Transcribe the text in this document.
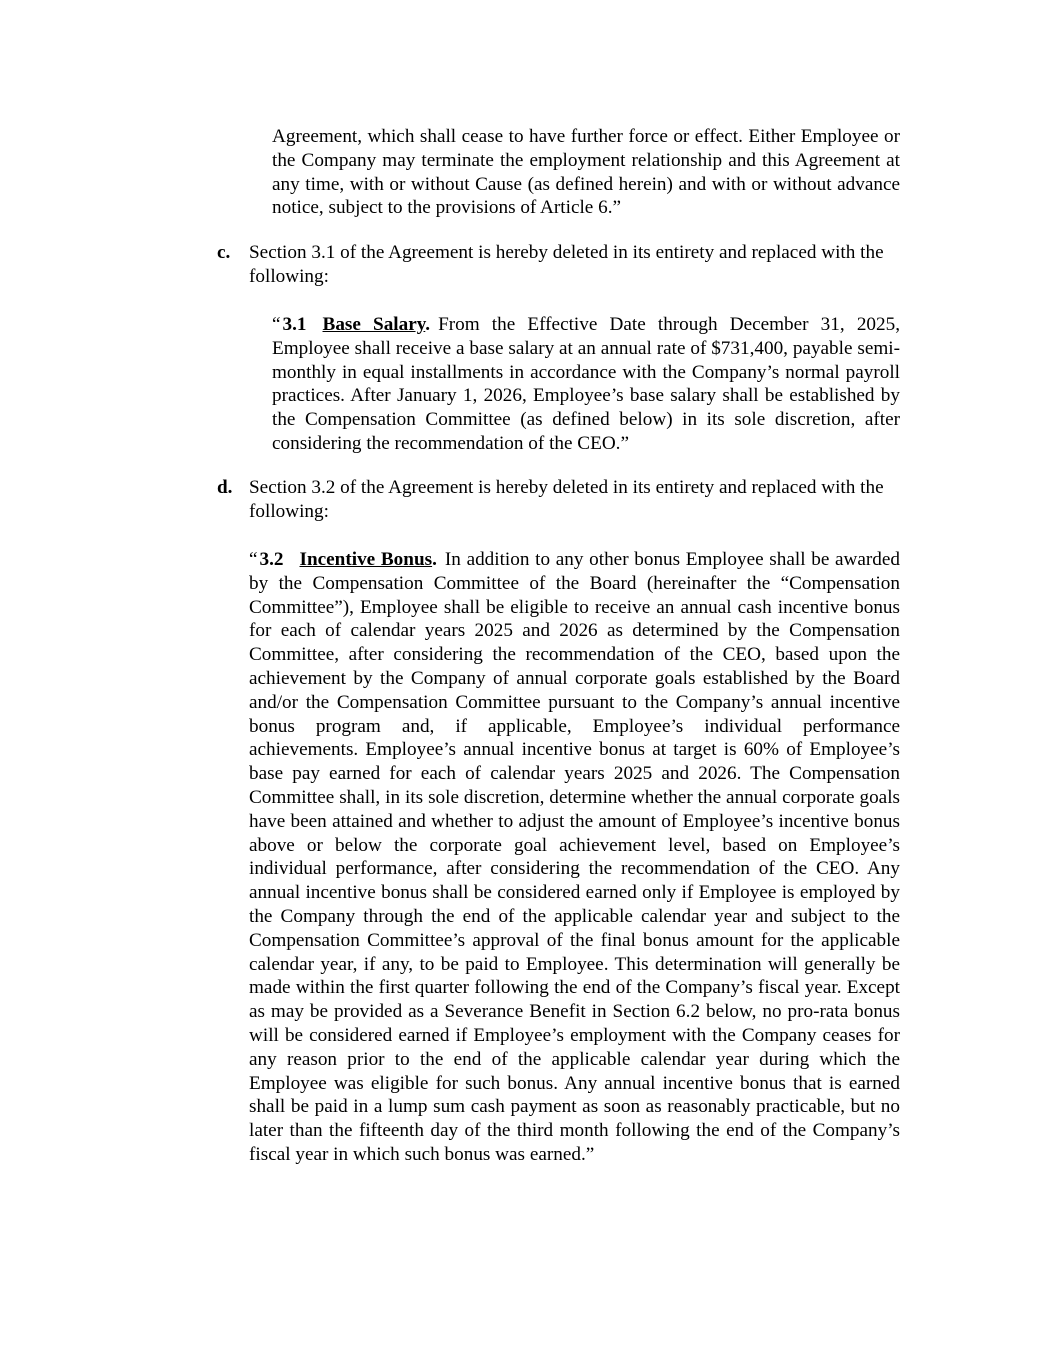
Agreement, which shall cease to have further force or effect. Either Employee or the Company may terminate the employment relationship and this Agreement at any time, with or without Cause (as defined herein) and with or without advance notice, subject to the provisions of Article 6.”

c. Section 3.1 of the Agreement is hereby deleted in its entirety and replaced with the following:

“ 3.1 Base Salary. From the Effective Date through December 31, 2025, Employee shall receive a base salary at an annual rate of $731,400, payable semi-monthly in equal installments in accordance with the Company’s normal payroll practices. After January 1, 2026, Employee’s base salary shall be established by the Compensation Committee (as defined below) in its sole discretion, after considering the recommendation of the CEO.”

d. Section 3.2 of the Agreement is hereby deleted in its entirety and replaced with the following:

“ 3.2 Incentive Bonus. In addition to any other bonus Employee shall be awarded by the Compensation Committee of the Board (hereinafter the “Compensation Committee”), Employee shall be eligible to receive an annual cash incentive bonus for each of calendar years 2025 and 2026 as determined by the Compensation Committee, after considering the recommendation of the CEO, based upon the achievement by the Company of annual corporate goals established by the Board and/or the Compensation Committee pursuant to the Company’s annual incentive bonus program and, if applicable, Employee’s individual performance achievements. Employee’s annual incentive bonus at target is 60% of Employee’s base pay earned for each of calendar years 2025 and 2026. The Compensation Committee shall, in its sole discretion, determine whether the annual corporate goals have been attained and whether to adjust the amount of Employee’s incentive bonus above or below the corporate goal achievement level, based on Employee’s individual performance, after considering the recommendation of the CEO. Any annual incentive bonus shall be considered earned only if Employee is employed by the Company through the end of the applicable calendar year and subject to the Compensation Committee’s approval of the final bonus amount for the applicable calendar year, if any, to be paid to Employee. This determination will generally be made within the first quarter following the end of the Company’s fiscal year. Except as may be provided as a Severance Benefit in Section 6.2 below, no pro-rata bonus will be considered earned if Employee’s employment with the Company ceases for any reason prior to the end of the applicable calendar year during which the Employee was eligible for such bonus. Any annual incentive bonus that is earned shall be paid in a lump sum cash payment as soon as reasonably practicable, but no later than the fifteenth day of the third month following the end of the Company’s fiscal year in which such bonus was earned.”
